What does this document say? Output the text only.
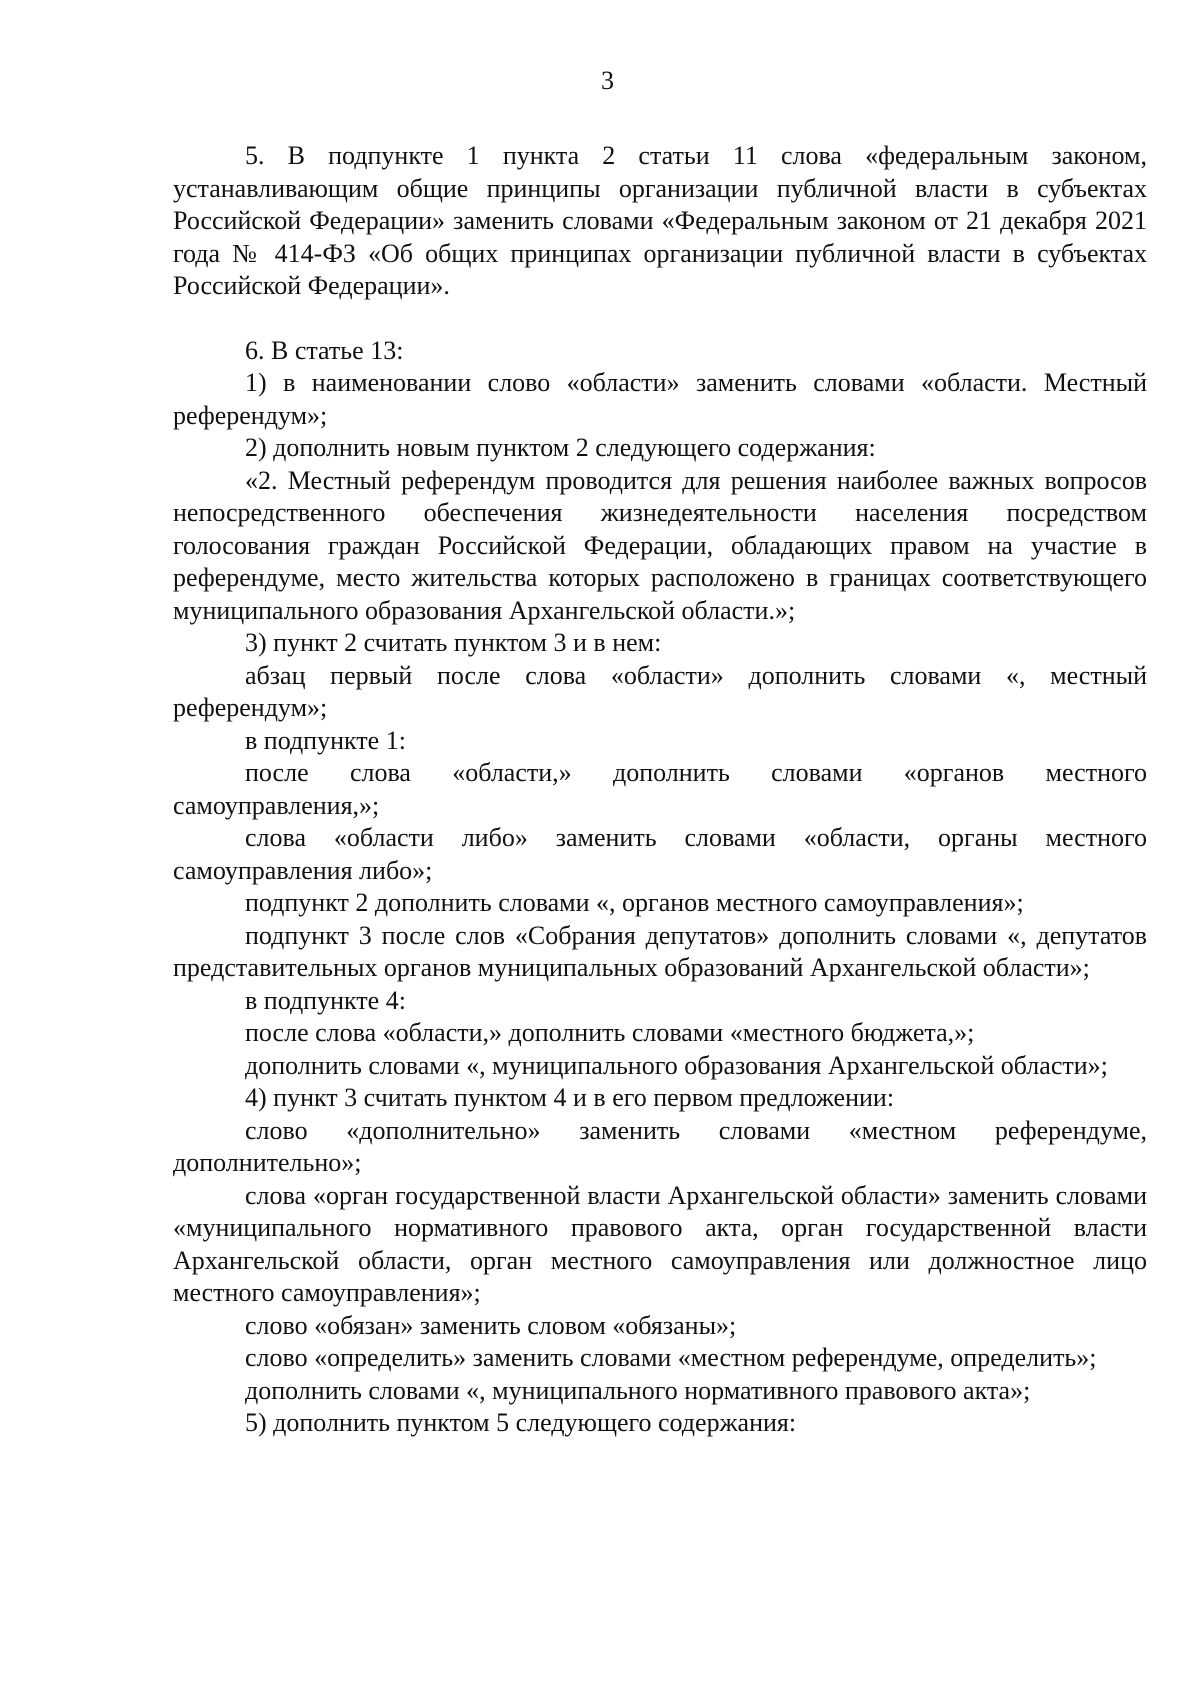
3

5. В подпункте 1 пункта 2 статьи 11 слова «федеральным законом, устанавливающим общие принципы организации публичной власти в субъектах Российской Федерации» заменить словами «Федеральным законом от 21 декабря 2021 года № 414-ФЗ «Об общих принципах организации публичной власти в субъектах Российской Федерации».

6. В статье 13:

1) в наименовании слово «области» заменить словами «области. Местный референдум»;

2) дополнить новым пунктом 2 следующего содержания:

«2. Местный референдум проводится для решения наиболее важных вопросов непосредственного обеспечения жизнедеятельности населения посредством голосования граждан Российской Федерации, обладающих правом на участие в референдуме, место жительства которых расположено в границах соответствующего муниципального образования Архангельской области.»;

3) пункт 2 считать пунктом 3 и в нем:

абзац первый после слова «области» дополнить словами «, местный референдум»;

в подпункте 1:

после слова «области,» дополнить словами «органов местного самоуправления,»;

слова «области либо» заменить словами «области, органы местного самоуправления либо»;

подпункт 2 дополнить словами «, органов местного самоуправления»;

подпункт 3 после слов «Собрания депутатов» дополнить словами «, депутатов представительных органов муниципальных образований Архангельской области»;

в подпункте 4:

после слова «области,» дополнить словами «местного бюджета,»;

дополнить словами «, муниципального образования Архангельской области»;

4) пункт 3 считать пунктом 4 и в его первом предложении:

слово «дополнительно» заменить словами «местном референдуме, дополнительно»;

слова «орган государственной власти Архангельской области» заменить словами «муниципального нормативного правового акта, орган государственной власти Архангельской области, орган местного самоуправления или должностное лицо местного самоуправления»;

слово «обязан» заменить словом «обязаны»;

слово «определить» заменить словами «местном референдуме, определить»;

дополнить словами «, муниципального нормативного правового акта»;

5) дополнить пунктом 5 следующего содержания:
